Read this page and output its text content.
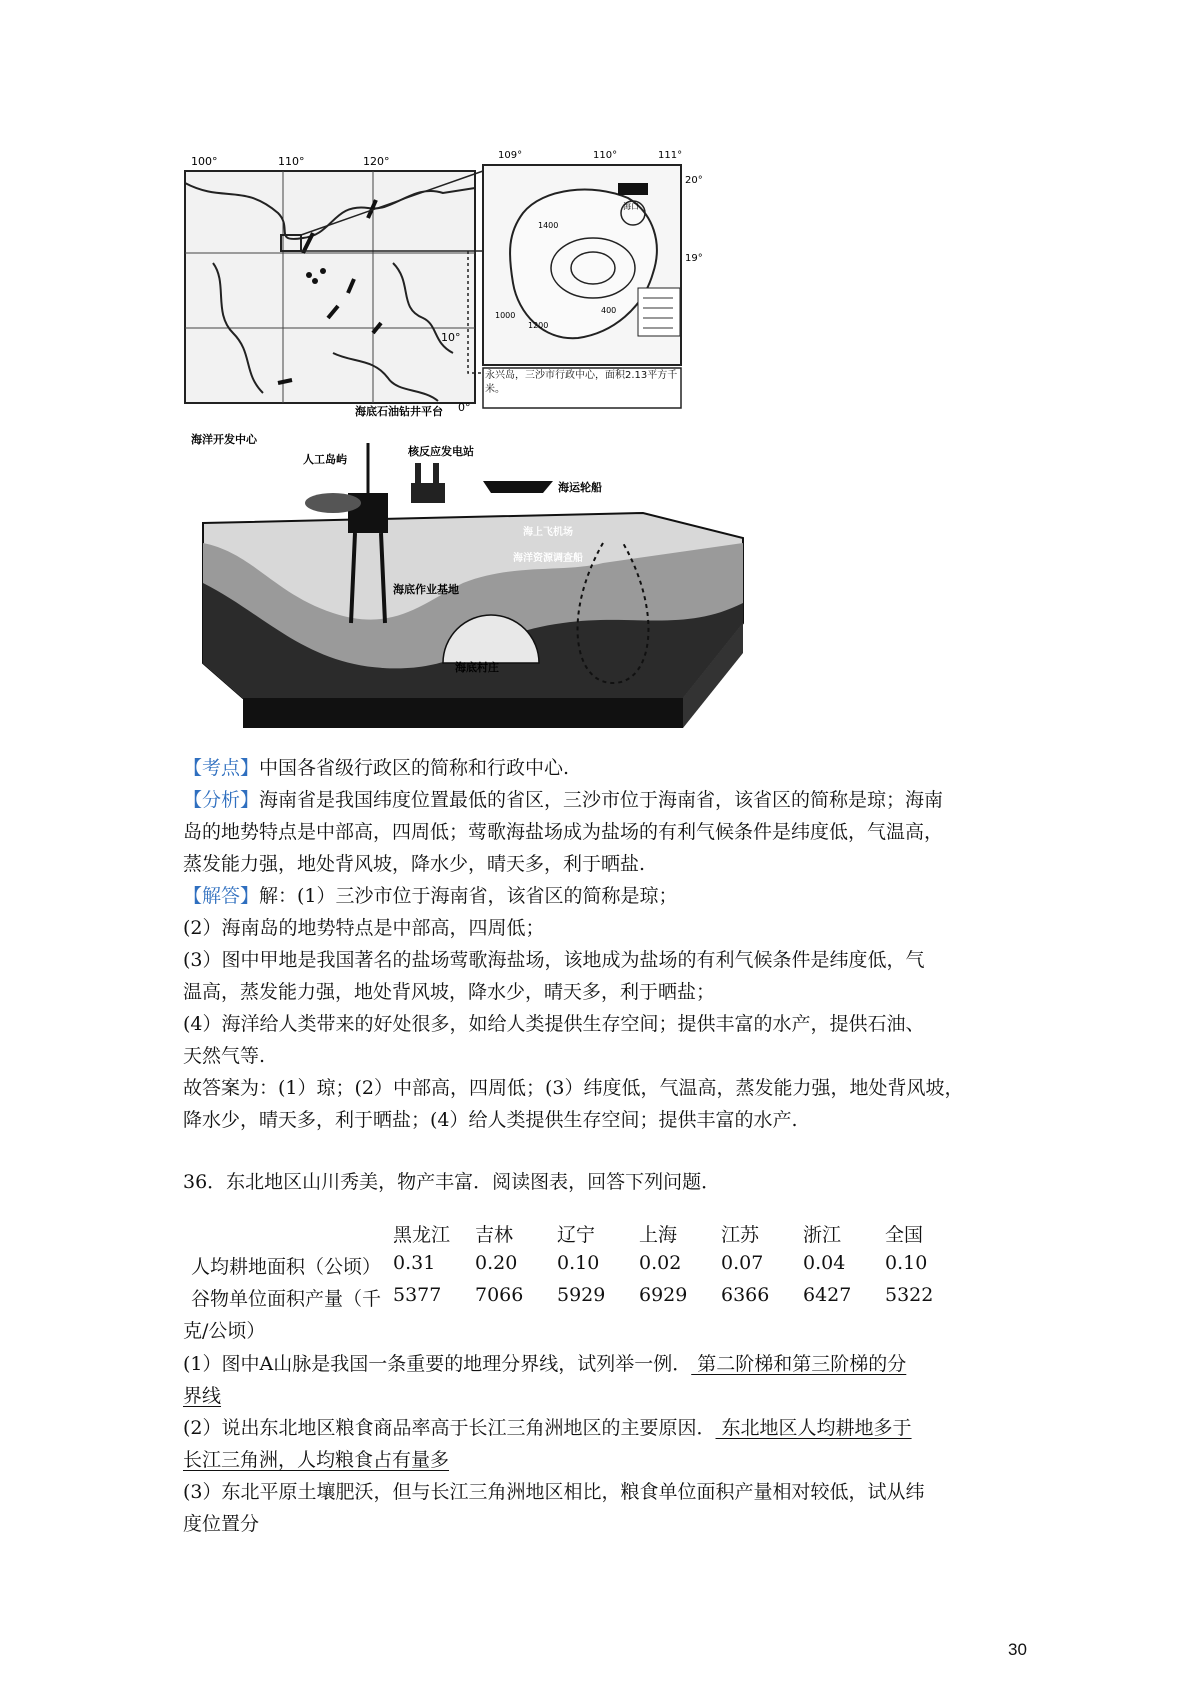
100°	110°	120°
10°
0°
109°	110°	111°
20°
19°
1400
1200
1000
400
海口
永兴岛，三沙市行政中心，面积2.13平方千米。
海洋开发中心
海底石油钻井平台
人工岛屿
核反应发电站
海运轮船
海上飞机场
海洋资源调查船
海底作业基地
海底村庄
海水淡化中心
【考点】中国各省级行政区的简称和行政中心.
【分析】海南省是我国纬度位置最低的省区，三沙市位于海南省，该省区的简称是琼；海南
岛的地势特点是中部高，四周低；莺歌海盐场成为盐场的有利气候条件是纬度低，气温高，
蒸发能力强，地处背风坡，降水少，晴天多，利于晒盐.
【解答】解：(1）三沙市位于海南省，该省区的简称是琼；
(2）海南岛的地势特点是中部高，四周低；
(3）图中甲地是我国著名的盐场莺歌海盐场，该地成为盐场的有利气候条件是纬度低，气
温高，蒸发能力强，地处背风坡，降水少，晴天多，利于晒盐；
(4）海洋给人类带来的好处很多，如给人类提供生存空间；提供丰富的水产，提供石油、
天然气等.
故答案为：(1）琼；(2）中部高，四周低；(3）纬度低，气温高，蒸发能力强，地处背风坡，
降水少，晴天多，利于晒盐；(4）给人类提供生存空间；提供丰富的水产.
36．东北地区山川秀美，物产丰富．阅读图表，回答下列问题．
黑龙江 吉林 辽宁 上海 江苏 浙江 全国
人均耕地面积（公顷） 0.31 0.20 0.10 0.02 0.07 0.04 0.10
谷物单位面积产量（千 5377 7066 5929 6929 6366 6427 5322
克/公顷）
(1）图中A山脉是我国一条重要的地理分界线，试列举一例． 第二阶梯和第三阶梯的分
界线
(2）说出东北地区粮食商品率高于长江三角洲地区的主要原因． 东北地区人均耕地多于
长江三角洲，人均粮食占有量多
(3）东北平原土壤肥沃，但与长江三角洲地区相比，粮食单位面积产量相对较低，试从纬
度位置分
30
